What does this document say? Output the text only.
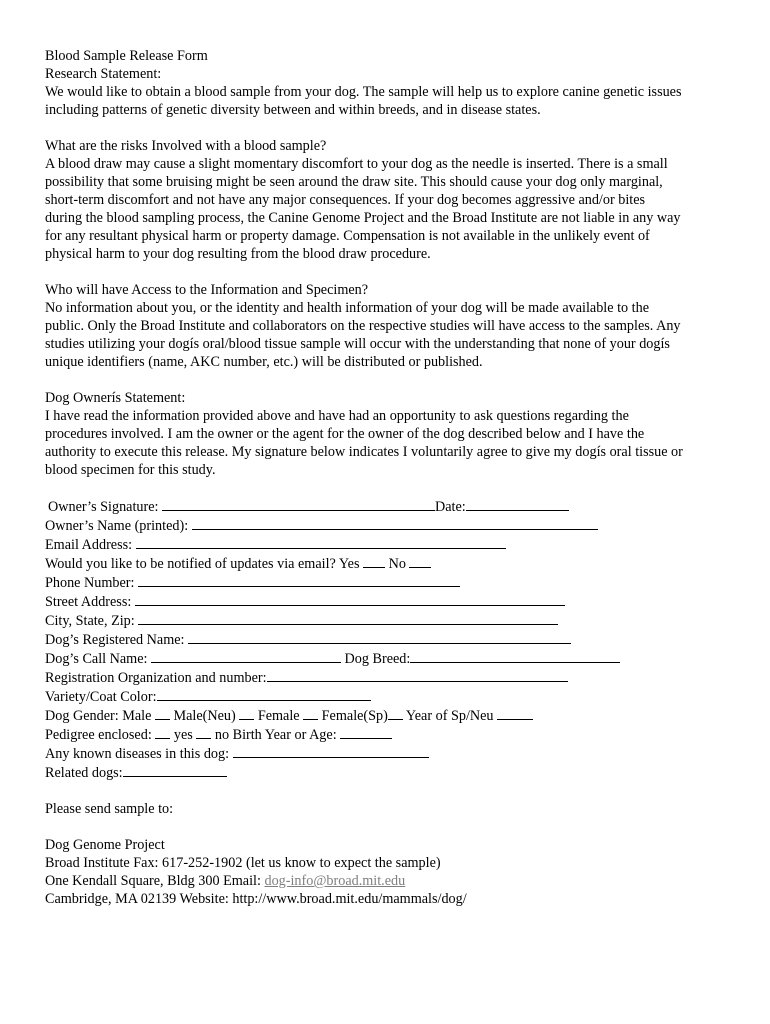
Blood Sample Release Form
Research Statement:
We would like to obtain a blood sample from your dog. The sample will help us to explore canine genetic issues
including patterns of genetic diversity between and within breeds, and in disease states.
What are the risks Involved with a blood sample?
A blood draw may cause a slight momentary discomfort to your dog as the needle is inserted. There is a small
possibility that some bruising might be seen around the draw site. This should cause your dog only marginal,
short-term discomfort and not have any major consequences. If your dog becomes aggressive and/or bites
during the blood sampling process, the Canine Genome Project and the Broad Institute are not liable in any way
for any resultant physical harm or property damage. Compensation is not available in the unlikely event of
physical harm to your dog resulting from the blood draw procedure.
Who will have Access to the Information and Specimen?
No information about you, or the identity and health information of your dog will be made available to the
public. Only the Broad Institute and collaborators on the respective studies will have access to the samples. Any
studies utilizing your dogís oral/blood tissue sample will occur with the understanding that none of your dogís
unique identifiers (name, AKC number, etc.) will be distributed or published.
Dog Ownerís Statement:
I have read the information provided above and have had an opportunity to ask questions regarding the
procedures involved. I am the owner or the agent for the owner of the dog described below and I have the
authority to execute this release. My signature below indicates I voluntarily agree to give my dogís oral tissue or
blood specimen for this study.
Owner’s Signature:	Date:
Owner’s Name (printed):
Email Address:
Would you like to be notified of updates via email? Yes No
Phone Number:
Street Address:
City, State, Zip:
Dog’s Registered Name:
Dog’s Call Name:	Dog Breed:
Registration Organization and number:
Variety/Coat Color:
Dog Gender: Male Male(Neu) Female Female(Sp) Year of Sp/Neu
Pedigree enclosed: yes no Birth Year or Age:
Any known diseases in this dog:
Related dogs:
Please send sample to:
Dog Genome Project
Broad Institute Fax: 617-252-1902 (let us know to expect the sample)
One Kendall Square, Bldg 300 Email: dog-info@broad.mit.edu
Cambridge, MA 02139 Website: http://www.broad.mit.edu/mammals/dog/
